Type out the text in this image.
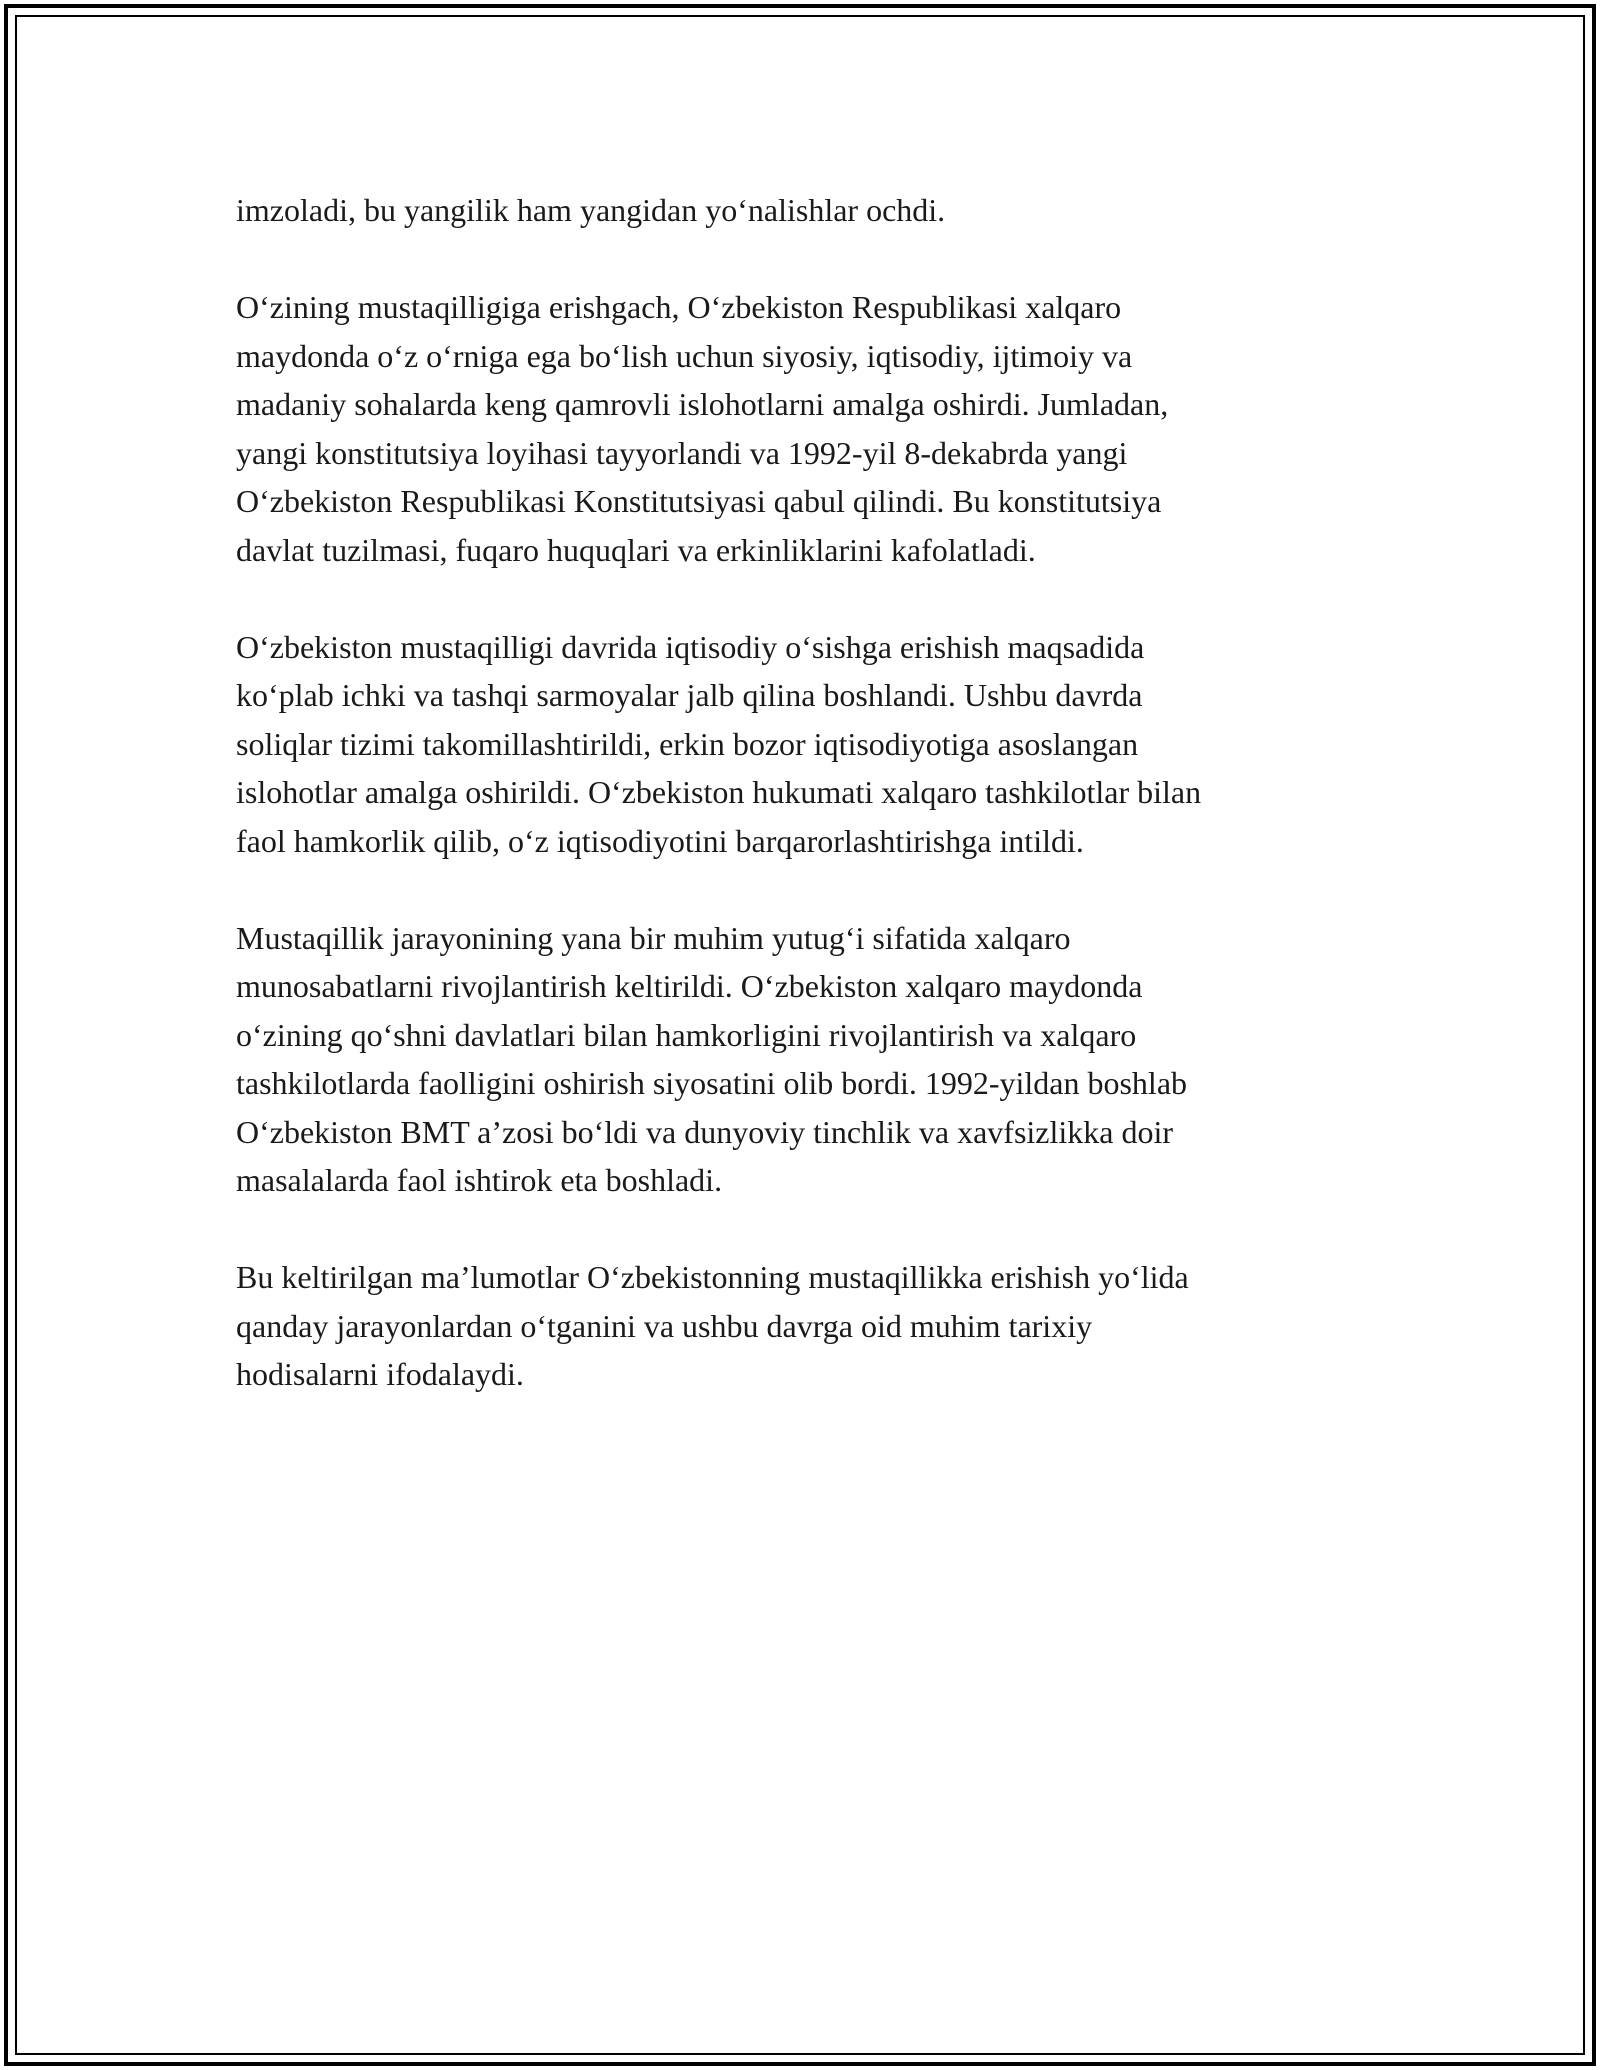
imzoladi, bu yangilik ham yangidan yo‘nalishlar ochdi.

O‘zining mustaqilligiga erishgach, O‘zbekiston Respublikasi xalqaro
maydonda o‘z o‘rniga ega bo‘lish uchun siyosiy, iqtisodiy, ijtimoiy va
madaniy sohalarda keng qamrovli islohotlarni amalga oshirdi. Jumladan,
yangi konstitutsiya loyihasi tayyorlandi va 1992-yil 8-dekabrda yangi
O‘zbekiston Respublikasi Konstitutsiyasi qabul qilindi. Bu konstitutsiya
davlat tuzilmasi, fuqaro huquqlari va erkinliklarini kafolatladi.

O‘zbekiston mustaqilligi davrida iqtisodiy o‘sishga erishish maqsadida
ko‘plab ichki va tashqi sarmoyalar jalb qilina boshlandi. Ushbu davrda
soliqlar tizimi takomillashtirildi, erkin bozor iqtisodiyotiga asoslangan
islohotlar amalga oshirildi. O‘zbekiston hukumati xalqaro tashkilotlar bilan
faol hamkorlik qilib, o‘z iqtisodiyotini barqarorlashtirishga intildi.

Mustaqillik jarayonining yana bir muhim yutug‘i sifatida xalqaro
munosabatlarni rivojlantirish keltirildi. O‘zbekiston xalqaro maydonda
o‘zining qo‘shni davlatlari bilan hamkorligini rivojlantirish va xalqaro
tashkilotlarda faolligini oshirish siyosatini olib bordi. 1992-yildan boshlab
O‘zbekiston BMT a’zosi bo‘ldi va dunyoviy tinchlik va xavfsizlikka doir
masalalarda faol ishtirok eta boshladi.

Bu keltirilgan ma’lumotlar O‘zbekistonning mustaqillikka erishish yo‘lida
qanday jarayonlardan o‘tganini va ushbu davrga oid muhim tarixiy
hodisalarni ifodalaydi.
